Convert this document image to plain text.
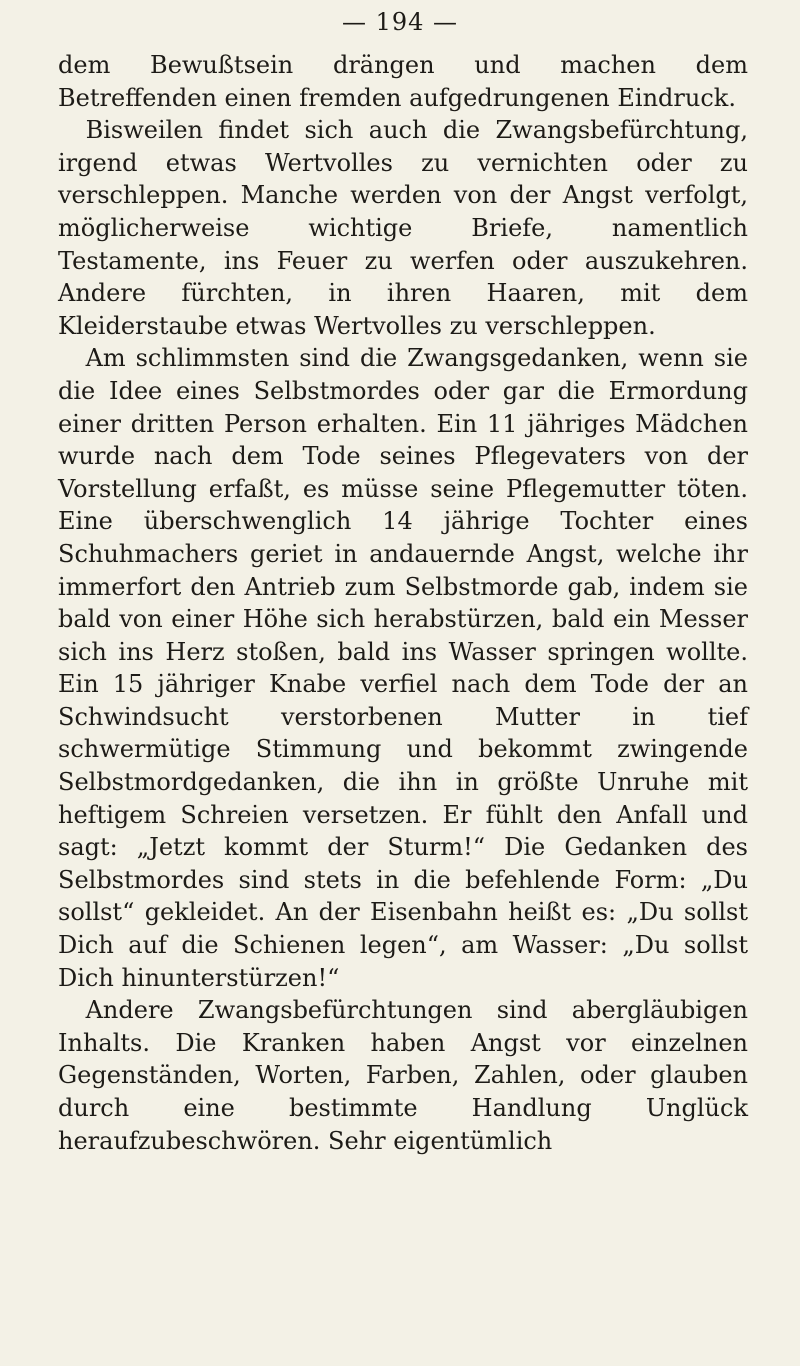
— 194 —

dem Bewußtsein drängen und machen dem Betreffenden einen fremden aufgedrungenen Eindruck.

Bisweilen findet sich auch die Zwangsbefürchtung, irgend etwas Wertvolles zu vernichten oder zu verschleppen. Manche werden von der Angst verfolgt, möglicherweise wichtige Briefe, namentlich Testamente, ins Feuer zu werfen oder auszukehren. Andere fürchten, in ihren Haaren, mit dem Kleiderstaube etwas Wertvolles zu verschleppen.

Am schlimmsten sind die Zwangsgedanken, wenn sie die Idee eines Selbstmordes oder gar die Ermordung einer dritten Person erhalten. Ein 11 jähriges Mädchen wurde nach dem Tode seines Pflegevaters von der Vorstellung erfaßt, es müsse seine Pflegemutter töten. Eine überschwenglich 14 jährige Tochter eines Schuhmachers geriet in andauernde Angst, welche ihr immerfort den Antrieb zum Selbstmorde gab, indem sie bald von einer Höhe sich herabstürzen, bald ein Messer sich ins Herz stoßen, bald ins Wasser springen wollte. Ein 15 jähriger Knabe verfiel nach dem Tode der an Schwindsucht verstorbenen Mutter in tief schwermütige Stimmung und bekommt zwingende Selbstmordgedanken, die ihn in größte Unruhe mit heftigem Schreien versetzen. Er fühlt den Anfall und sagt: „Jetzt kommt der Sturm!“ Die Gedanken des Selbstmordes sind stets in die befehlende Form: „Du sollst“ gekleidet. An der Eisenbahn heißt es: „Du sollst Dich auf die Schienen legen“, am Wasser: „Du sollst Dich hinunterstürzen!“

Andere Zwangsbefürchtungen sind abergläubigen Inhalts. Die Kranken haben Angst vor einzelnen Gegenständen, Worten, Farben, Zahlen, oder glauben durch eine bestimmte Handlung Unglück heraufzubeschwören. Sehr eigentümlich
